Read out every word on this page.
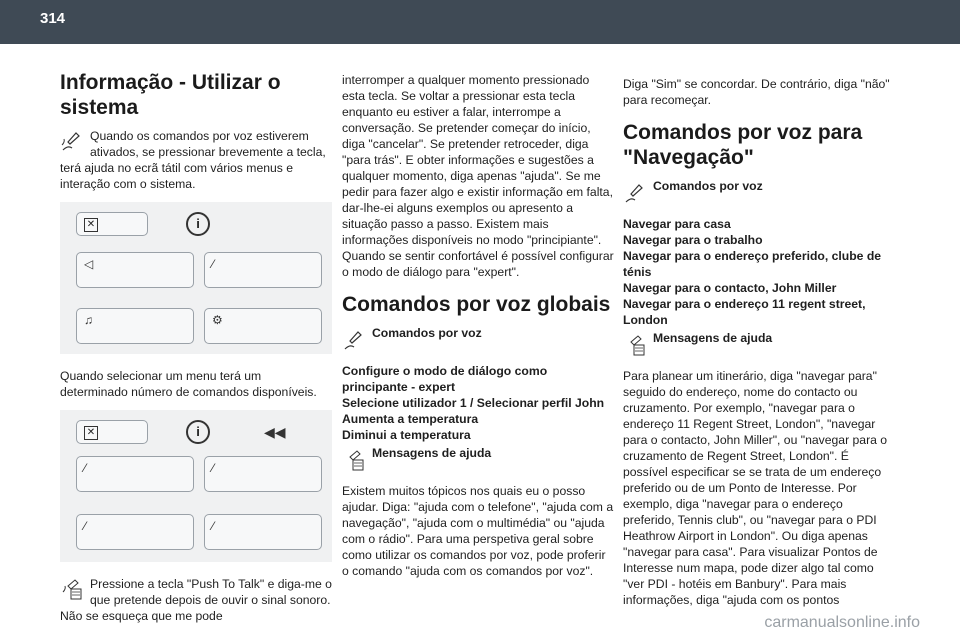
314
Informação - Utilizar o sistema

Quando os comandos por voz estiverem ativados, se pressionar brevemente a tecla, terá ajuda no ecrã tátil com vários menus e interação com o sistema.

✕	i
◁	⁄
♫	⚙

Quando selecionar um menu terá um determinado número de comandos disponíveis.

✕	i	◀◀
⁄	⁄
⁄	⁄

Pressione a tecla "Push To Talk" e diga-me o que pretende depois de ouvir o sinal sonoro. Não se esqueça que me pode

interromper a qualquer momento pressionado esta tecla. Se voltar a pressionar esta tecla enquanto eu estiver a falar, interrompe a conversação. Se pretender começar do início, diga "cancelar". Se pretender retroceder, diga "para trás". E obter informações e sugestões a qualquer momento, diga apenas "ajuda". Se me pedir para fazer algo e existir informação em falta, dar-lhe-ei alguns exemplos ou apresento a situação passo a passo. Existem mais informações disponíveis no modo "principiante". Quando se sentir confortável é possível configurar o modo de diálogo para "expert".

Comandos por voz globais
Comandos por voz
Configure o modo de diálogo como principante - expert
Selecione utilizador 1 / Selecionar perfil John
Aumenta a temperatura
Diminui a temperatura
Mensagens de ajuda

Existem muitos tópicos nos quais eu o posso ajudar. Diga: "ajuda com o telefone", "ajuda com a navegação", "ajuda com o multimédia" ou "ajuda com o rádio". Para uma perspetiva geral sobre como utilizar os comandos por voz, pode proferir o comando "ajuda com os comandos por voz".

Diga "Sim" se concordar. De contrário, diga "não" para recomeçar.

Comandos por voz para "Navegação"
Comandos por voz
Navegar para casa
Navegar para o trabalho
Navegar para o endereço preferido, clube de ténis
Navegar para o contacto, John Miller
Navegar para o endereço 11 regent street, London
Mensagens de ajuda

Para planear um itinerário, diga "navegar para" seguido do endereço, nome do contacto ou cruzamento. Por exemplo, "navegar para o endereço 11 Regent Street, London", "navegar para o contacto, John Miller", ou "navegar para o cruzamento de Regent Street, London". É possível especificar se se trata de um endereço preferido ou de um Ponto de Interesse. Por exemplo, diga "navegar para o endereço preferido, Tennis club", ou "navegar para o PDI Heathrow Airport in London". Ou diga apenas "navegar para casa". Para visualizar Pontos de Interesse num mapa, pode dizer algo tal como "ver PDI - hotéis em Banbury". Para mais informações, diga "ajuda com os pontos

carmanualsonline.info
